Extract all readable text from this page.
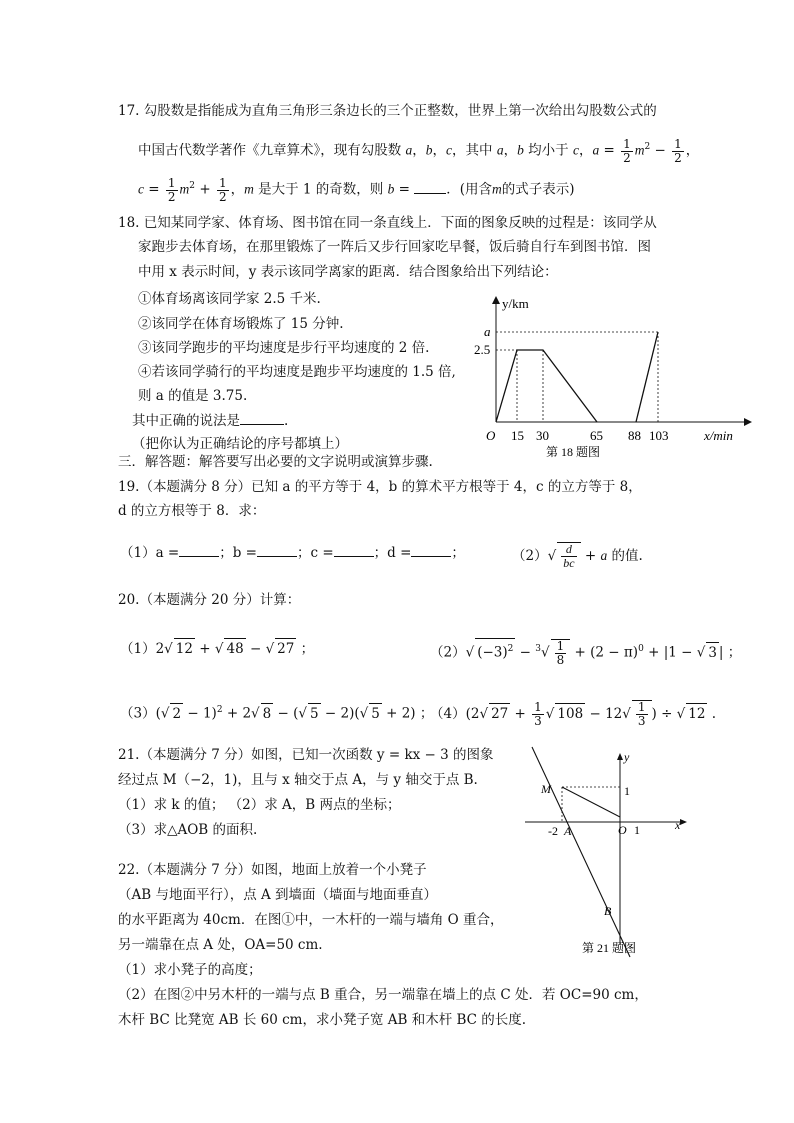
17. 勾股数是指能成为直角三角形三条边长的三个正整数，世界上第一次给出勾股数公式的
中国古代数学著作《九章算术》，现有勾股数 a，b，c，其中 a，b 均小于 c，$a = \frac{1}{2} m^2 - \frac{1}{2}$ ，
$c = \frac{1}{2} m^2 + \frac{1}{2}$ ，m 是大于 1 的奇数，则 b = ．(用含m的式子表示)
18. 已知某同学家、体育场、图书馆在同一条直线上．下面的图象反映的过程是：该同学从
家跑步去体育场，在那里锻炼了一阵后又步行回家吃早餐，饭后骑自行车到图书馆．图
中用 x 表示时间，y 表示该同学离家的距离．结合图象给出下列结论：
①体育场离该同学家 2.5 千米.
②该同学在体育场锻炼了 15 分钟.
③该同学跑步的平均速度是步行平均速度的 2 倍.
④若该同学骑行的平均速度是跑步平均速度的 1.5 倍,
则 a 的值是 3.75.
其中正确的说法是	.
（把你认为正确结论的序号都填上）
y/km
a
2.5
O 15 30	65 88 103	x/min
第 18 题图
三．解答题：解答要写出必要的文字说明或演算步骤.
19.（本题满分 8 分）已知 a 的平方等于 4，b 的算术平方根等于 4，c 的立方等于 8，
d 的立方根等于 8．求：
（1）a =	；b =	；c =	；d =	；	$(2)√ \frac{d}{bc} + a$ 的值.
20.（本题满分 20 分）计算：
（1）2√ 12 + √ 48 − √ 27 ；	（2）√ $(-3)^2 - ^3√ \frac{1}{8} + (2 - \pi)^0 + |1$ − √ 3 | ；
（3）(√ 2 − 1)$^2$ + 2√ 8 − (√ 5 − 2)(√ 5 + 2) ；
（4）(2√ $27 + \frac{1}{3}$ √ $108 - 12√ \frac{1}{3}$ ) ÷ √ 12 .
21.（本题满分 7 分）如图，已知一次函数 y = kx − 3 的图象
经过点 M（−2，1)，且与 x 轴交于点 A，与 y 轴交于点 B.
（1）求 k 的值； （2）求 A，B 两点的坐标；
（3）求△AOB 的面积.
M	1
-2 A	O 1	x
y
B
第 21 题图
22.（本题满分 7 分）如图，地面上放着一个小凳子
（AB 与地面平行），点 A 到墙面（墙面与地面垂直）
的水平距离为 40cm．在图①中，一木杆的一端与墙角 O 重合，
另一端靠在点 A 处，OA=50 cm.
（1）求小凳子的高度；
（2）在图②中另木杆的一端与点 B 重合，另一端靠在墙上的点 C 处．若 OC=90 cm，
木杆 BC 比凳宽 AB 长 60 cm，求小凳子宽 AB 和木杆 BC 的长度.
